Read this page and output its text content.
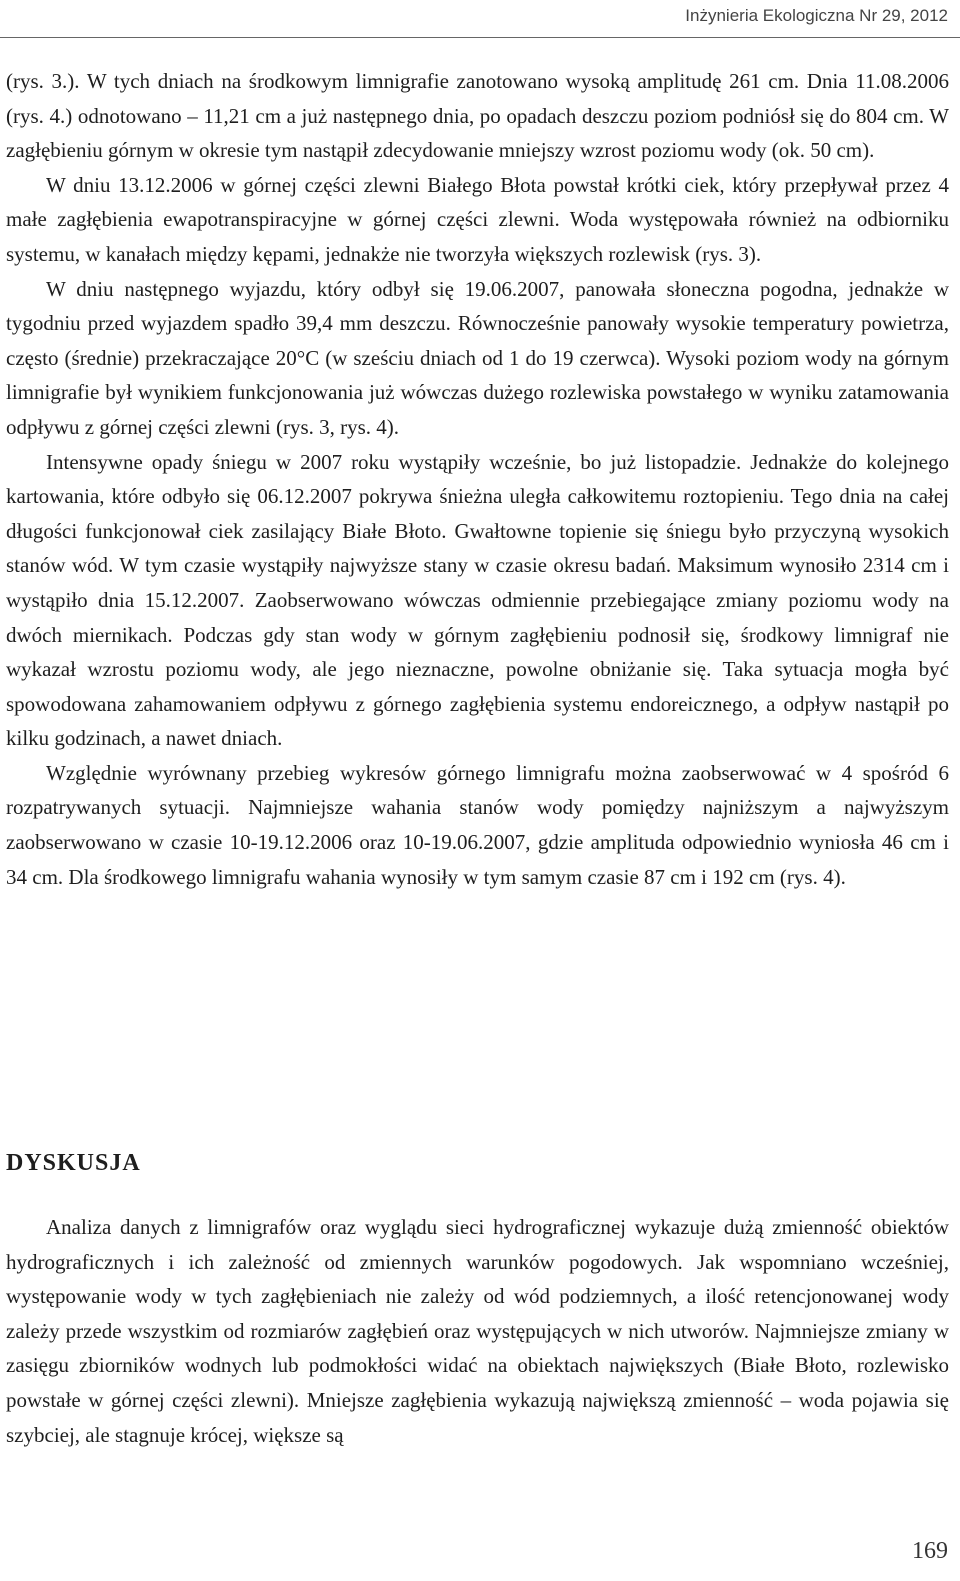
Inżynieria Ekologiczna Nr 29, 2012

(rys. 3.). W tych dniach na środkowym limnigrafie zanotowano wysoką amplitudę 261 cm. Dnia 11.08.2006 (rys. 4.) odnotowano – 11,21 cm a już następnego dnia, po opadach deszczu poziom podniósł się do 804 cm. W zagłębieniu górnym w okresie tym nastąpił zdecydowanie mniejszy wzrost poziomu wody (ok. 50 cm).

W dniu 13.12.2006 w górnej części zlewni Białego Błota powstał krótki ciek, który przepływał przez 4 małe zagłębienia ewapotranspiracyjne w górnej części zlewni. Woda występowała również na odbiorniku systemu, w kanałach między kępami, jednakże nie tworzyła większych rozlewisk (rys. 3).

W dniu następnego wyjazdu, który odbył się 19.06.2007, panowała słoneczna pogodna, jednakże w tygodniu przed wyjazdem spadło 39,4 mm deszczu. Równocześnie panowały wysokie temperatury powietrza, często (średnie) przekraczające 20°C (w sześciu dniach od 1 do 19 czerwca). Wysoki poziom wody na górnym limnigrafie był wynikiem funkcjonowania już wówczas dużego rozlewiska powstałego w wyniku zatamowania odpływu z górnej części zlewni (rys. 3, rys. 4).

Intensywne opady śniegu w 2007 roku wystąpiły wcześnie, bo już listopadzie. Jednakże do kolejnego kartowania, które odbyło się 06.12.2007 pokrywa śnieżna uległa całkowitemu roztopieniu. Tego dnia na całej długości funkcjonował ciek zasilający Białe Błoto. Gwałtowne topienie się śniegu było przyczyną wysokich stanów wód. W tym czasie wystąpiły najwyższe stany w czasie okresu badań. Maksimum wynosiło 2314 cm i wystąpiło dnia 15.12.2007. Zaobserwowano wówczas odmiennie przebiegające zmiany poziomu wody na dwóch miernikach. Podczas gdy stan wody w górnym zagłębieniu podnosił się, środkowy limnigraf nie wykazał wzrostu poziomu wody, ale jego nieznaczne, powolne obniżanie się. Taka sytuacja mogła być spowodowana zahamowaniem odpływu z górnego zagłębienia systemu endoreicznego, a odpływ nastąpił po kilku godzinach, a nawet dniach.

Względnie wyrównany przebieg wykresów górnego limnigrafu można zaobserwować w 4 spośród 6 rozpatrywanych sytuacji. Najmniejsze wahania stanów wody pomiędzy najniższym a najwyższym zaobserwowano w czasie 10-19.12.2006 oraz 10-19.06.2007, gdzie amplituda odpowiednio wyniosła 46 cm i 34 cm. Dla środkowego limnigrafu wahania wynosiły w tym samym czasie 87 cm i 192 cm (rys. 4).

DYSKUSJA

Analiza danych z limnigrafów oraz wyglądu sieci hydrograficznej wykazuje dużą zmienność obiektów hydrograficznych i ich zależność od zmiennych warunków pogodowych. Jak wspomniano wcześniej, występowanie wody w tych zagłębieniach nie zależy od wód podziemnych, a ilość retencjonowanej wody zależy przede wszystkim od rozmiarów zagłębień oraz występujących w nich utworów. Najmniejsze zmiany w zasięgu zbiorników wodnych lub podmokłości widać na obiektach największych (Białe Błoto, rozlewisko powstałe w górnej części zlewni). Mniejsze zagłębienia wykazują największą zmienność – woda pojawia się szybciej, ale stagnuje krócej, większe są

169
